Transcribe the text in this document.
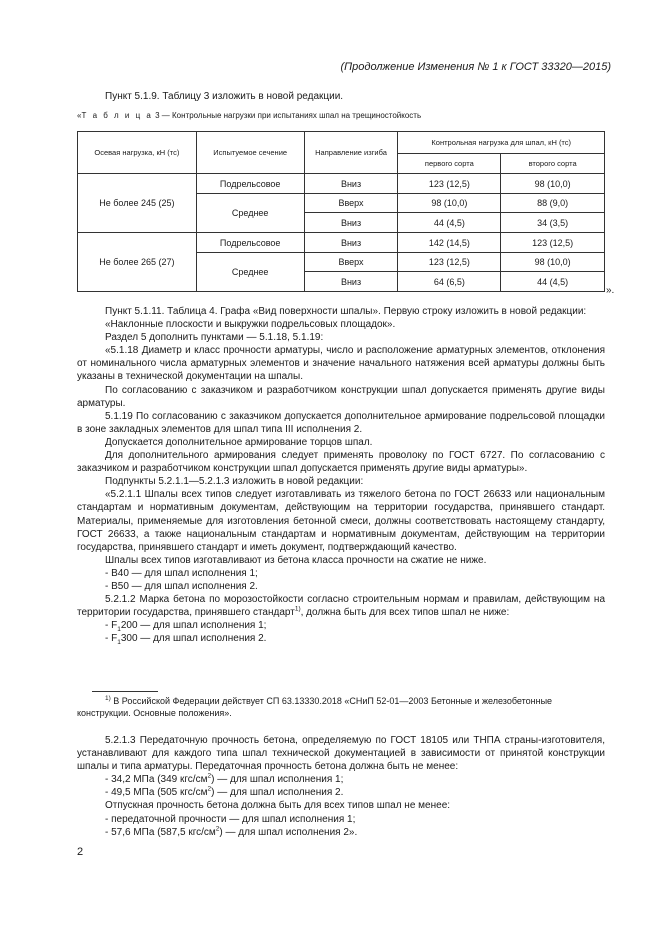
(Продолжение Изменения № 1 к ГОСТ 33320—2015)
Пункт 5.1.9. Таблицу 3 изложить в новой редакции.
«Т а б л и ц а 3 — Контрольные нагрузки при испытаниях шпал на трещиностойкость
Осевая нагрузка, кН (тс)	Испытуемое сечение	Направление изгиба	Контрольная нагрузка для шпал, кН (тс)	
			первого сорта	второго сорта
Не более 245 (25)	Подрельсовое	Вниз	123 (12,5)	98 (10,0)
	Среднее	Вверх	98 (10,0)	88 (9,0)
		Вниз	44 (4,5)	34 (3,5)
Не более 265 (27)	Подрельсовое	Вниз	142 (14,5)	123 (12,5)
	Среднее	Вверх	123 (12,5)	98 (10,0)
		Вниз	64 (6,5)	44 (4,5)
».

Пункт 5.1.11. Таблица 4. Графа «Вид поверхности шпалы». Первую строку изложить в новой редакции:

«Наклонные плоскости и выкружки подрельсовых площадок».

Раздел 5 дополнить пунктами — 5.1.18, 5.1.19:

«5.1.18 Диаметр и класс прочности арматуры, число и расположение арматурных элементов, отклонения от номинального числа арматурных элементов и значение начального натяжения всей арматуры должны быть указаны в технической документации на шпалы.

По согласованию с заказчиком и разработчиком конструкции шпал допускается применять другие виды арматуры.

5.1.19 По согласованию с заказчиком допускается дополнительное армирование подрельсовой площадки в зоне закладных элементов для шпал типа III исполнения 2.

Допускается дополнительное армирование торцов шпал.

Для дополнительного армирования следует применять проволоку по ГОСТ 6727. По согласованию с заказчиком и разработчиком конструкции шпал допускается применять другие виды арматуры».

Подпункты 5.2.1.1—5.2.1.3 изложить в новой редакции:

«5.2.1.1 Шпалы всех типов следует изготавливать из тяжелого бетона по ГОСТ 26633 или национальным стандартам и нормативным документам, действующим на территории государства, принявшего стандарт. Материалы, применяемые для изготовления бетонной смеси, должны соответствовать настоящему стандарту, ГОСТ 26633, а также национальным стандартам и нормативным документам, действующим на территории государства, принявшего стандарт и иметь документ, подтверждающий качество.

Шпалы всех типов изготавливают из бетона класса прочности на сжатие не ниже.

- В40 — для шпал исполнения 1;

- В50 — для шпал исполнения 2.

5.2.1.2 Марка бетона по морозостойкости согласно строительным нормам и правилам, действующим на территории государства, принявшего стандарт$^{1)}$, должна быть для всех типов шпал не ниже:

- $F_1200$ — для шпал исполнения 1;

- $F_1300$ — для шпал исполнения 2.

$^{1)}$ В Российской Федерации действует СП 63.13330.2018 «СНиП 52-01—2003 Бетонные и железобетонные конструкции. Основные положения».

5.2.1.3 Передаточную прочность бетона, определяемую по ГОСТ 18105 или ТНПА страны-изготовителя, устанавливают для каждого типа шпал технической документацией в зависимости от принятой конструкции шпалы и типа арматуры. Передаточная прочность бетона должна быть не менее:

- 34,2 МПа (349 кгс/$см^2$) — для шпал исполнения 1;

- 49,5 МПа (505 кгс/$см^2$) — для шпал исполнения 2.

Отпускная прочность бетона должна быть для всех типов шпал не менее:

- передаточной прочности — для шпал исполнения 1;

- 57,6 МПа (587,5 кгс/$см^2$) — для шпал исполнения 2».

2
